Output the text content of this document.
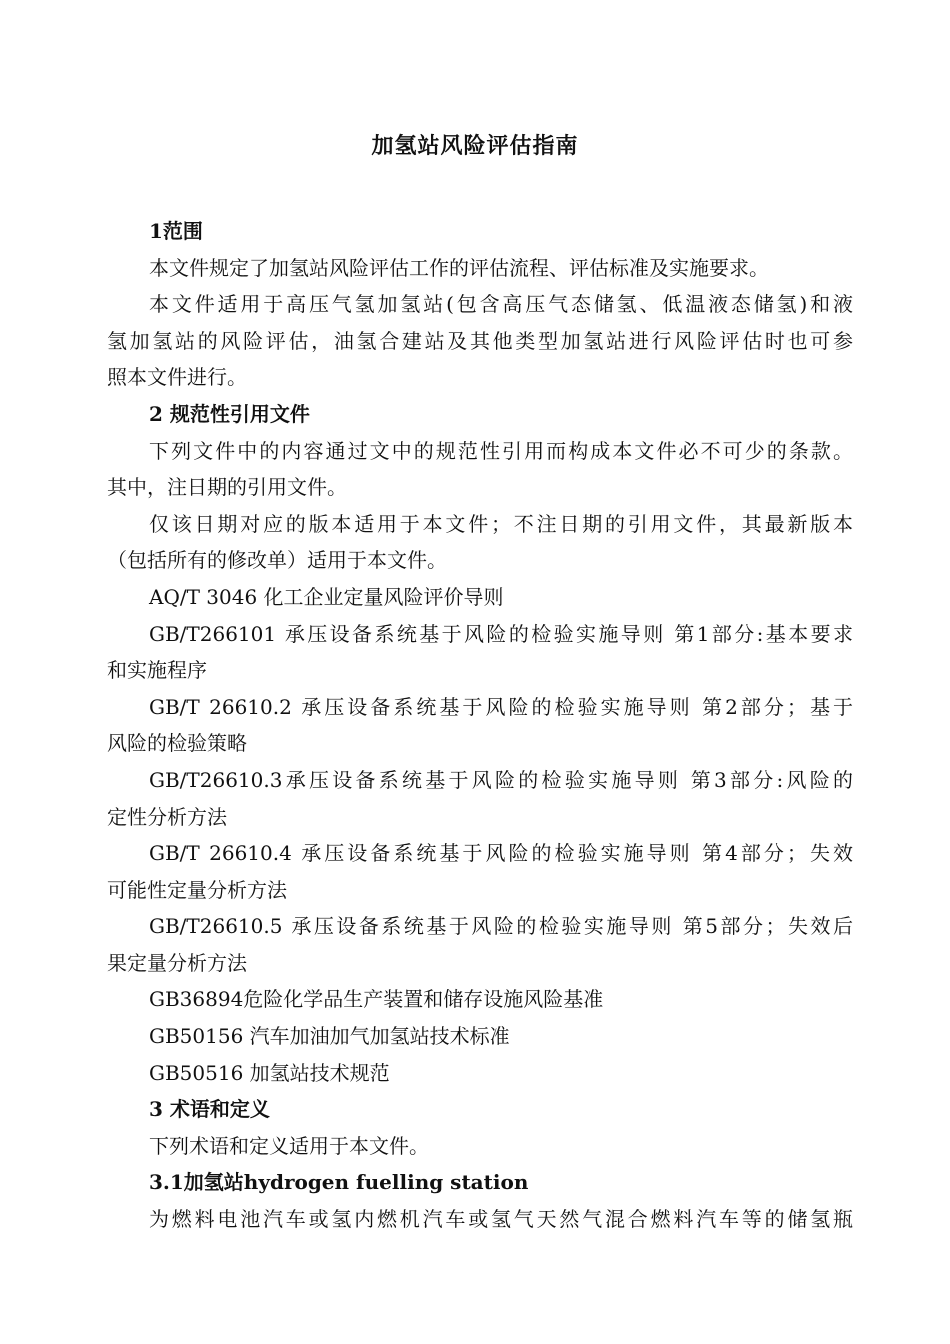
加氢站风险评估指南
1范围
本文件规定了加氢站风险评估工作的评估流程、评估标准及实施要求。
本文件适用于高压气氢加氢站(包含高压气态储氢、低温液态储氢)和液
氢加氢站的风险评估，油氢合建站及其他类型加氢站进行风险评估时也可参
照本文件进行。
2 规范性引用文件
下列文件中的内容通过文中的规范性引用而构成本文件必不可少的条款。
其中，注日期的引用文件。
仅该日期对应的版本适用于本文件；不注日期的引用文件，其最新版本
（包括所有的修改单）适用于本文件。
AQ/T 3046 化工企业定量风险评价导则
GB/T266101 承压设备系统基于风险的检验实施导则 第1部分:基本要求
和实施程序
GB/T 26610.2 承压设备系统基于风险的检验实施导则 第2部分；基于
风险的检验策略
GB/T26610.3承压设备系统基于风险的检验实施导则 第3部分:风险的
定性分析方法
GB/T 26610.4 承压设备系统基于风险的检验实施导则 第4部分；失效
可能性定量分析方法
GB/T26610.5 承压设备系统基于风险的检验实施导则 第5部分；失效后
果定量分析方法
GB36894危险化学品生产装置和储存设施风险基准
GB50156 汽车加油加气加氢站技术标准
GB50516 加氢站技术规范
3 术语和定义
下列术语和定义适用于本文件。
3.1加氢站hydrogen fuelling station
为燃料电池汽车或氢内燃机汽车或氢气天然气混合燃料汽车等的储氢瓶
